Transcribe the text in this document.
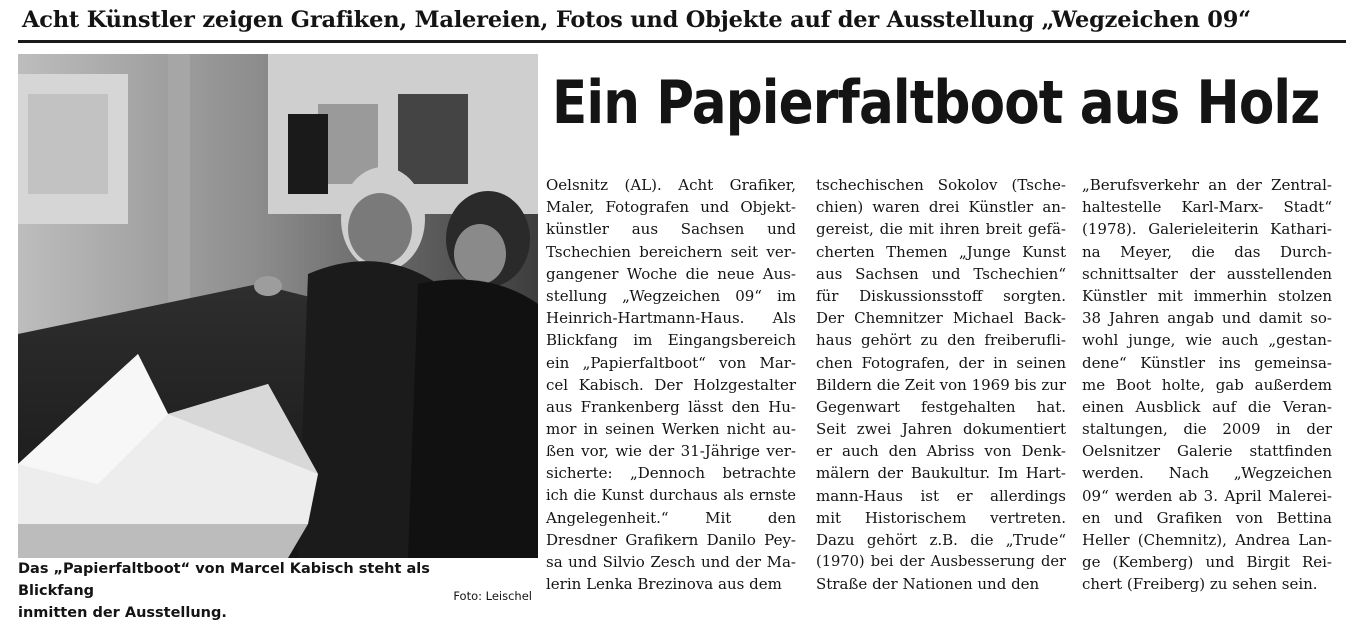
Acht Künstler zeigen Grafiken, Malereien, Fotos und Objekte auf der Ausstellung „Wegzeichen 09“
Das „Papierfaltboot“ von Marcel Kabisch steht als Blickfang
inmitten der Ausstellung.
Foto: Leischel
Ein Papierfaltboot aus Holz
Oelsnitz (AL). Acht Grafiker,
Maler, Fotografen und Objekt-
künstler aus Sachsen und
Tschechien bereichern seit ver-
gangener Woche die neue Aus-
stellung „Wegzeichen 09“ im
Heinrich-Hartmann-Haus. Als
Blickfang im Eingangsbereich
ein „Papierfaltboot“ von Mar-
cel Kabisch. Der Holzgestalter
aus Frankenberg lässt den Hu-
mor in seinen Werken nicht au-
ßen vor, wie der 31-Jährige ver-
sicherte: „Dennoch betrachte
ich die Kunst durchaus als ernste
Angelegenheit.“ Mit den
Dresdner Grafikern Danilo Pey-
sa und Silvio Zesch und der Ma-
lerin Lenka Brezinova aus dem
tschechischen Sokolov (Tsche-
chien) waren drei Künstler an-
gereist, die mit ihren breit gefä-
cherten Themen „Junge Kunst
aus Sachsen und Tschechien“
für Diskussionsstoff sorgten.
Der Chemnitzer Michael Back-
haus gehört zu den freiberufli-
chen Fotografen, der in seinen
Bildern die Zeit von 1969 bis zur
Gegenwart festgehalten hat.
Seit zwei Jahren dokumentiert
er auch den Abriss von Denk-
mälern der Baukultur. Im Hart-
mann-Haus ist er allerdings
mit Historischem vertreten.
Dazu gehört z.B. die „Trude“
(1970) bei der Ausbesserung der
Straße der Nationen und den
„Berufsverkehr an der Zentral-
haltestelle Karl-Marx- Stadt“
(1978). Galerieleiterin Kathari-
na Meyer, die das Durch-
schnittsalter der ausstellenden
Künstler mit immerhin stolzen
38 Jahren angab und damit so-
wohl junge, wie auch „gestan-
dene“ Künstler ins gemeinsa-
me Boot holte, gab außerdem
einen Ausblick auf die Veran-
staltungen, die 2009 in der
Oelsnitzer Galerie stattfinden
werden. Nach „Wegzeichen
09“ werden ab 3. April Malerei-
en und Grafiken von Bettina
Heller (Chemnitz), Andrea Lan-
ge (Kemberg) und Birgit Rei-
chert (Freiberg) zu sehen sein.
